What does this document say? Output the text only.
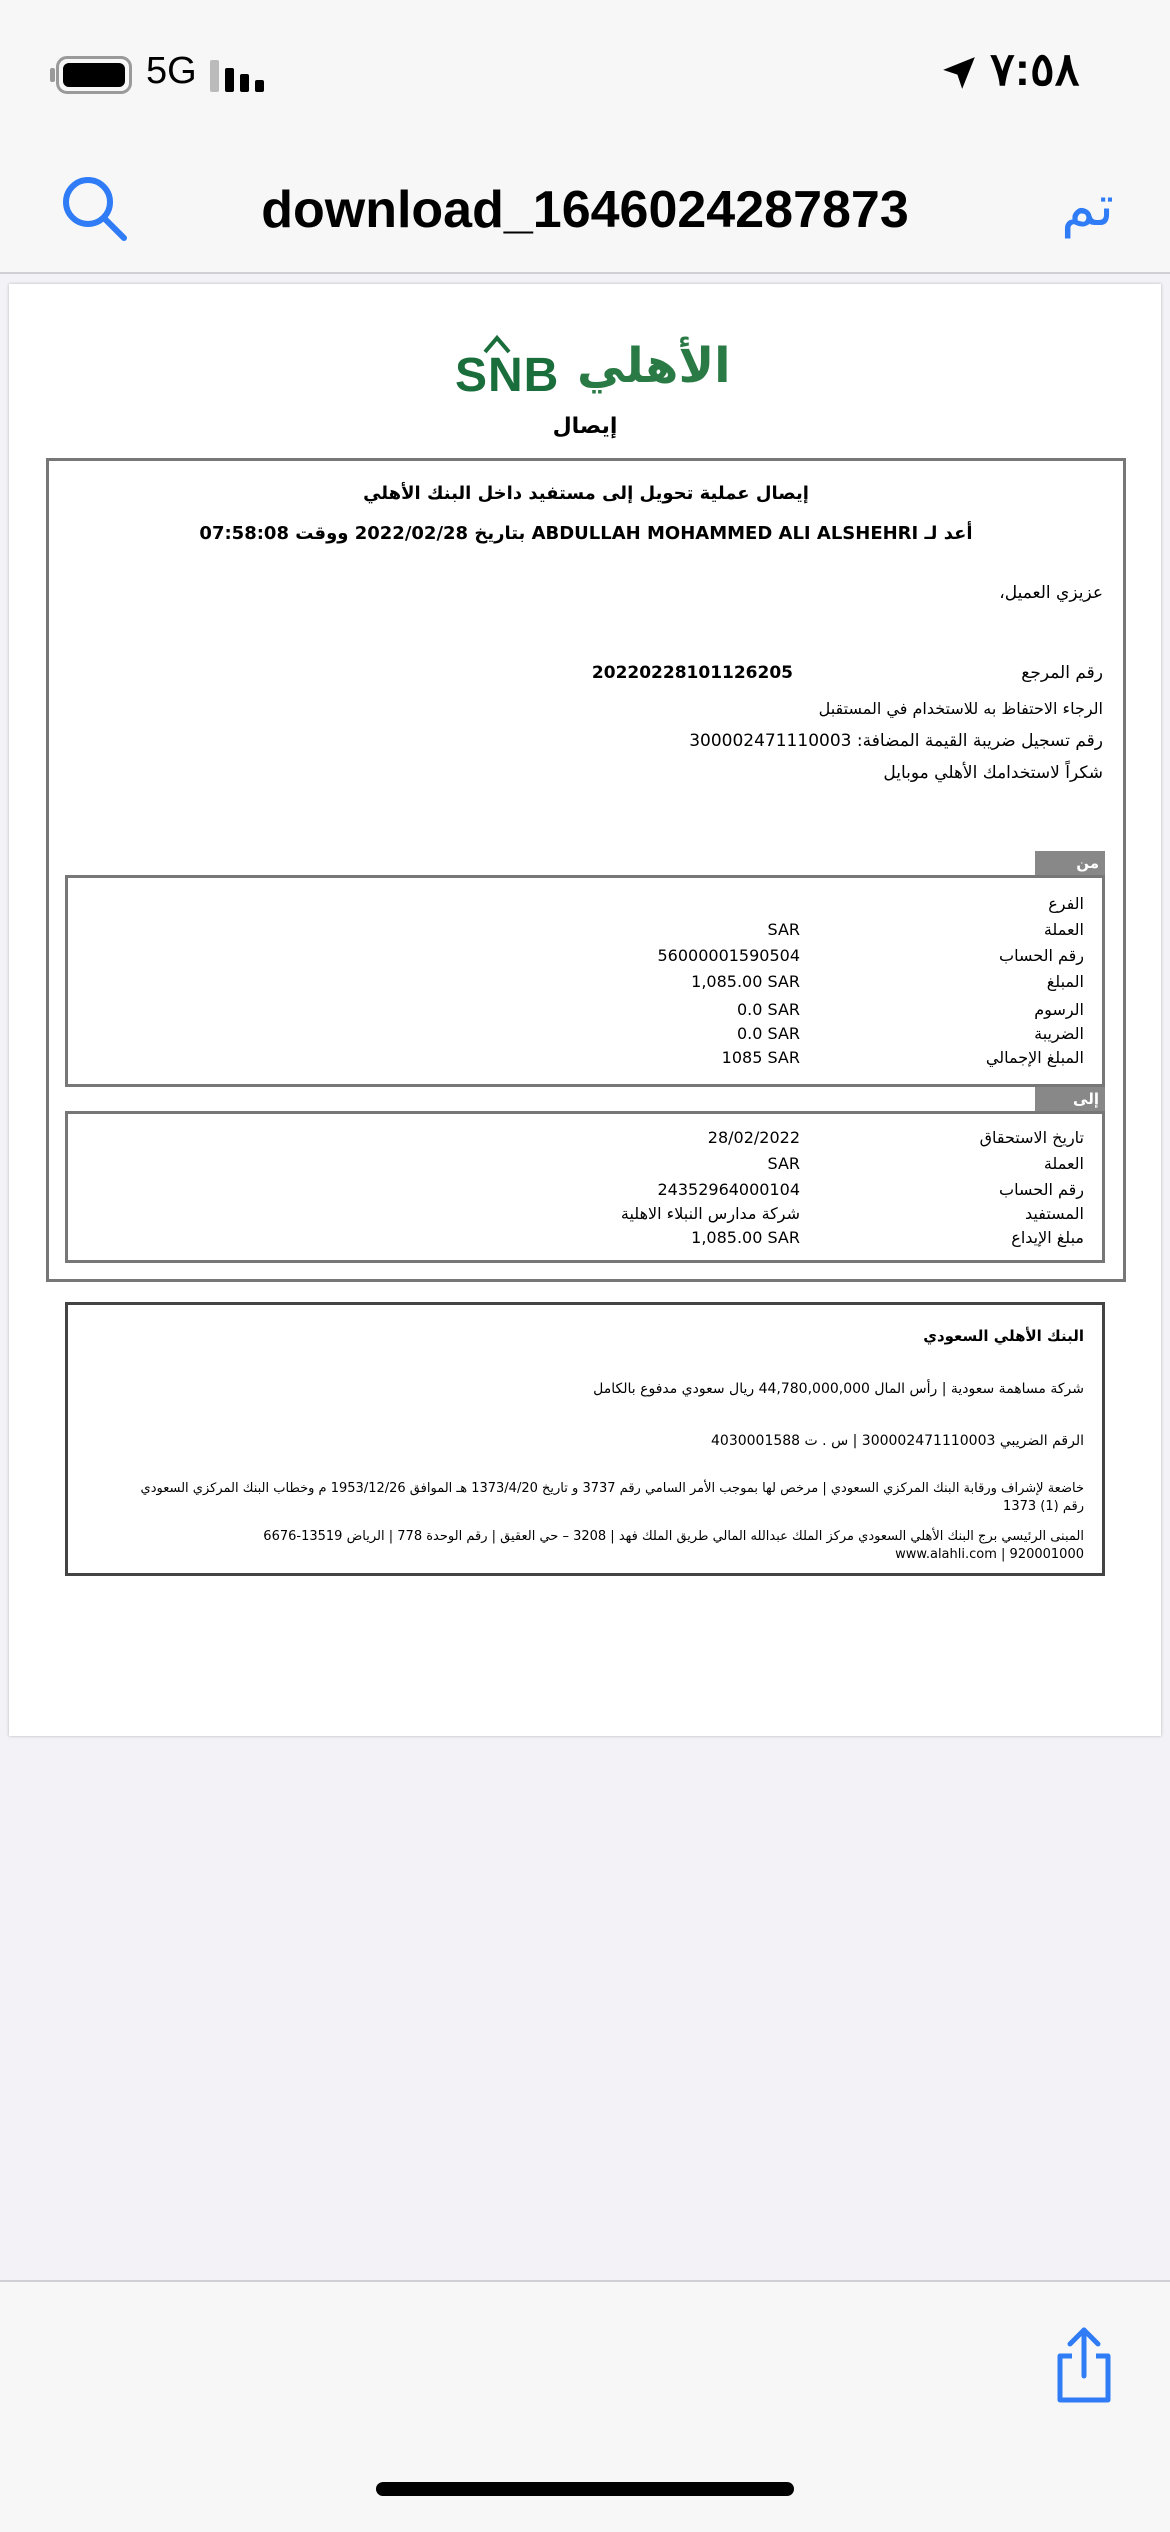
5G	٧:٥٨
download_1646024287873	تم
SNB الأهلي
إيصال
إيصال عملية تحويل إلى مستفيد داخل البنك الأهلي
أعد لـ ABDULLAH MOHAMMED ALI ALSHEHRI بتاريخ 2022/02/28 ووقت 07:58:08
عزيزي العميل،
رقم المرجع
20220228101126205
الرجاء الاحتفاظ به للاستخدام في المستقبل
رقم تسجيل ضريبة القيمة المضافة: 300002471110003
شكراً لاستخدامك الأهلي موبايل
من
الفرع
العملة
SAR
رقم الحساب
56000001590504
المبلغ
1,085.00 SAR
الرسوم
0.0 SAR
الضريبة
0.0 SAR
المبلغ الإجمالي
1085 SAR
إلى
تاريخ الاستحقاق
28/02/2022
العملة
SAR
رقم الحساب
24352964000104
المستفيد
شركة مدارس النبلاء الاهلية
مبلغ الإيداع
1,085.00 SAR
البنك الأهلي السعودي
شركة مساهمة سعودية | رأس المال 44,780,000,000 ريال سعودي مدفوع بالكامل
الرقم الضريبي 300002471110003 | س . ت 4030001588
خاضعة لإشراف ورقابة البنك المركزي السعودي | مرخص لها بموجب الأمر السامي رقم 3737 و تاريخ 1373/4/20 هـ الموافق 1953/12/26 م وخطاب البنك المركزي السعودي
رقم (1) 1373
المبنى الرئيسي برج البنك الأهلي السعودي مركز الملك عبدالله المالي طريق الملك فهد | 3208 – حي العقيق | رقم الوحدة 778 | الرياض 13519-6676
920001000 | www.alahli.com
